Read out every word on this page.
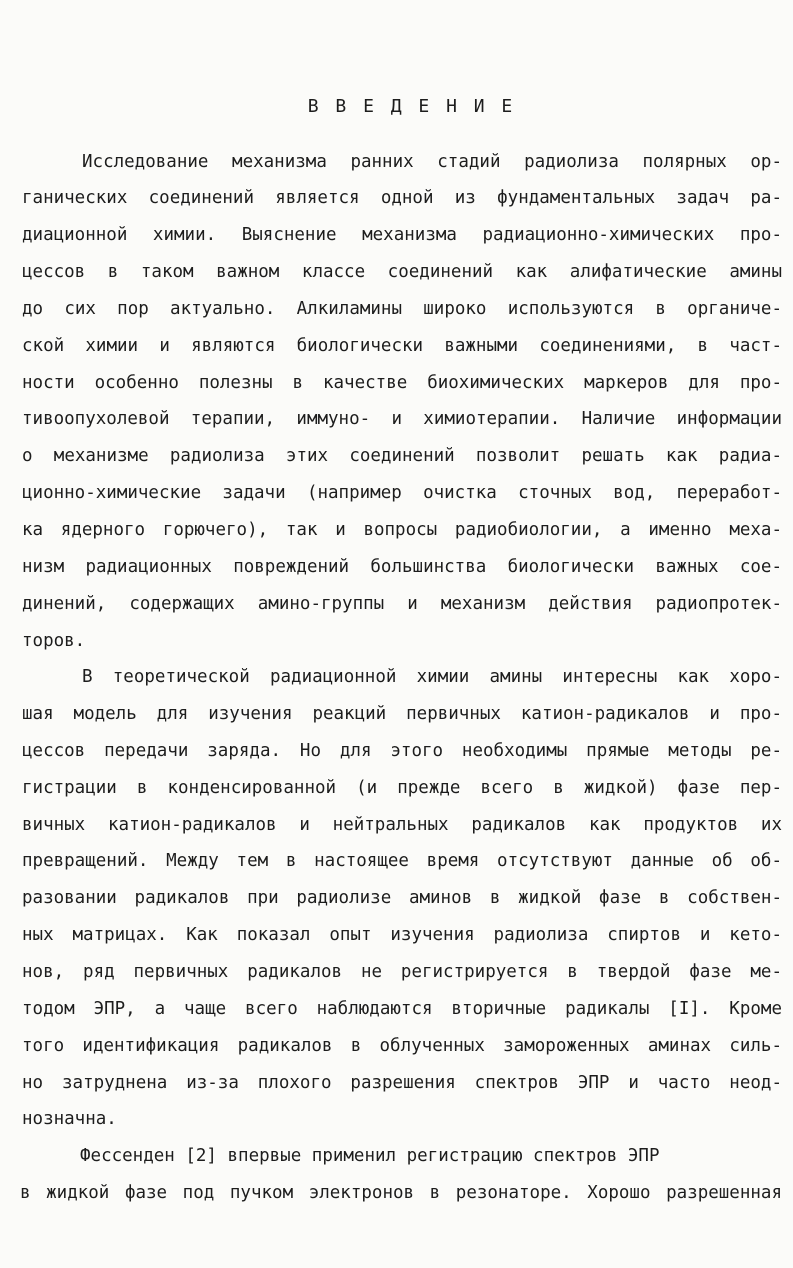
В В Е Д Е Н И Е
Исследование механизма ранних стадий радиолиза полярных ор-
ганических соединений является одной из фундаментальных задач ра-
диационной химии. Выяснение механизма радиационно-химических про-
цессов в таком важном классе соединений как алифатические амины
до сих пор актуально. Алкиламины широко используются в органиче-
ской химии и являются биологически важными соединениями, в част-
ности особенно полезны в качестве биохимических маркеров для про-
тивоопухолевой терапии, иммуно- и химиотерапии. Наличие информации
о механизме радиолиза этих соединений позволит решать как радиа-
ционно-химические задачи (например очистка сточных вод, переработ-
ка ядерного горючего), так и вопросы радиобиологии, а именно меха-
низм радиационных повреждений большинства биологически важных сое-
динений, содержащих амино-группы и механизм действия радиопротек-
торов.
В теоретической радиационной химии амины интересны как хоро-
шая модель для изучения реакций первичных катион-радикалов и про-
цессов передачи заряда. Но для этого необходимы прямые методы ре-
гистрации в конденсированной (и прежде всего в жидкой) фазе пер-
вичных катион-радикалов и нейтральных радикалов как продуктов их
превращений. Между тем в настоящее время отсутствуют данные об об-
разовании радикалов при радиолизе аминов в жидкой фазе в собствен-
ных матрицах. Как показал опыт изучения радиолиза спиртов и кето-
нов, ряд первичных радикалов не регистрируется в твердой фазе ме-
тодом ЭПР, а чаще всего наблюдаются вторичные радикалы [I]. Кроме
того идентификация радикалов в облученных замороженных аминах силь-
но затруднена из-за плохого разрешения спектров ЭПР и часто неод-
нозначна.
Фессенден [2] впервые применил регистрацию спектров ЭПР
в жидкой фазе под пучком электронов в резонаторе. Хорошо разрешенная
